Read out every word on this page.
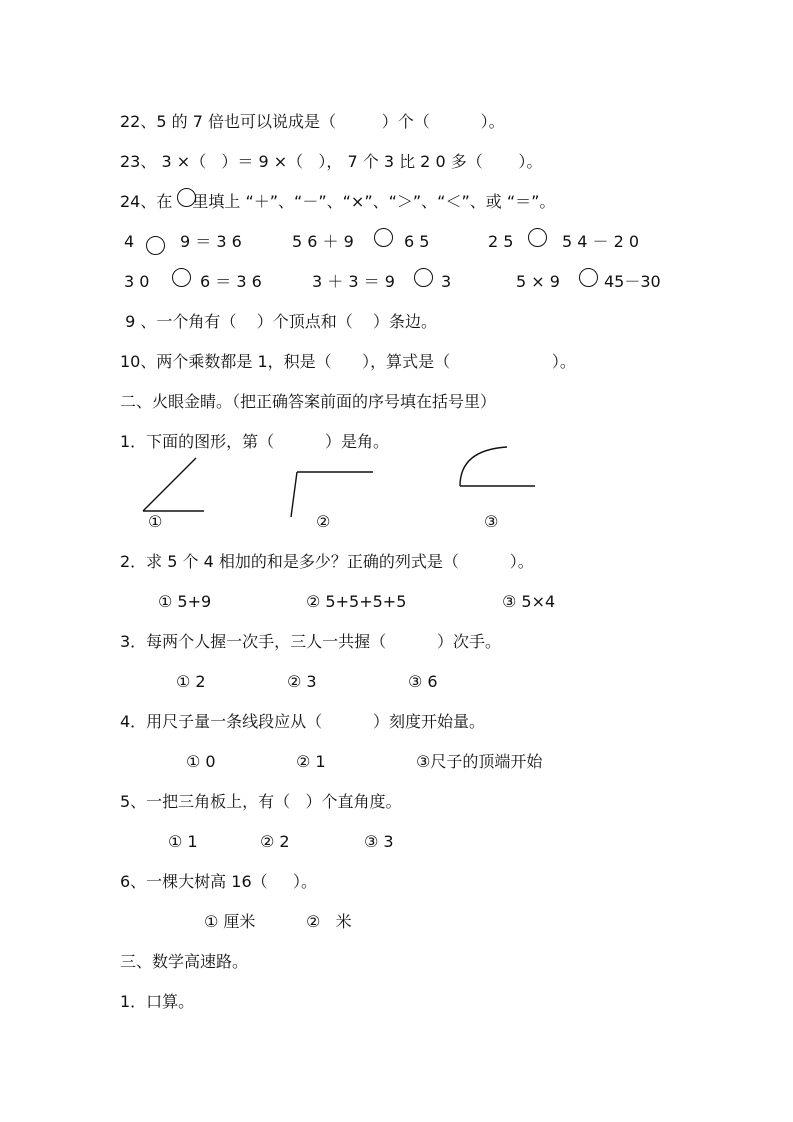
22、5 的 7 倍也可以说成是（         ）个（          ）。
23、 3 ×（   ）＝ 9 ×（   ）， 7 个 3 比 2 0 多（       ）。
24、在 里填上 “＋”、“－”、“×”、“＞”、“＜”、或 “＝”。
4	9 ＝ 3 6	5 6 ＋ 9	6 5	2 5	5 4 － 2 0
3 0	6 ＝ 3 6	3 ＋ 3 ＝ 9	3	5 × 9	45－30
9 、一个角有（    ）个顶点和（    ）条边。
10、两个乘数都是 1，积是（      ），算式是（                    ）。
二、火眼金睛。（把正确答案前面的序号填在括号里）
1．下面的图形，第（          ）是角。
①	②	③
2．求 5 个 4 相加的和是多少？正确的列式是（          ）。
① 5+9	② 5+5+5+5	③ 5×4
3．每两个人握一次手，三人一共握（          ）次手。
① 2	② 3	③ 6
4．用尺子量一条线段应从（          ）刻度开始量。
① 0	② 1	③尺子的顶端开始
5、一把三角板上，有（   ）个直角度。
① 1	② 2	③ 3
6、一棵大树高 16（     ）。
① 厘米	②   米
三、数学高速路。
1．口算。
